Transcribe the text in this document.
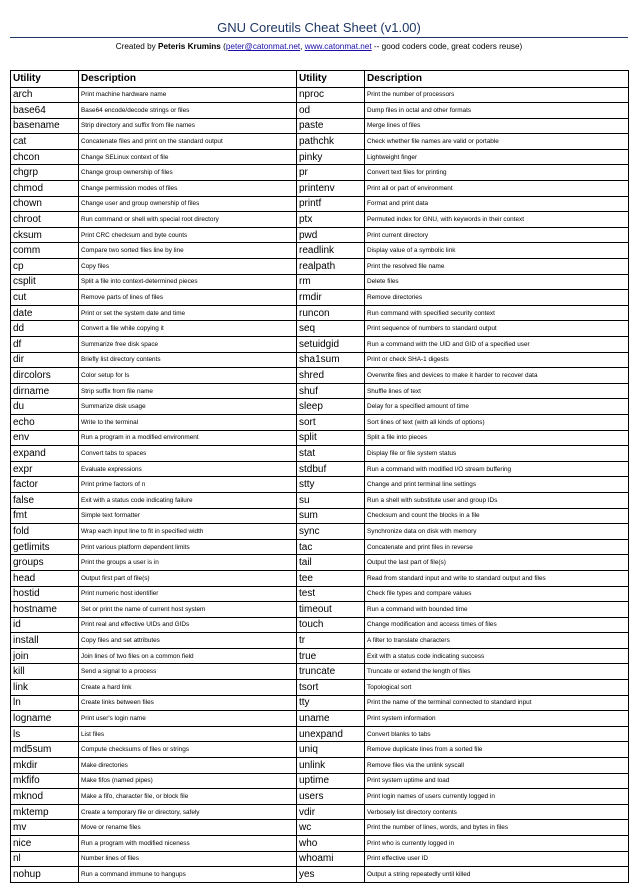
GNU Coreutils Cheat Sheet (v1.00)
Created by Peteris Krumins (peter@catonmat.net, www.catonmat.net -- good coders code, great coders reuse)
Utility	Description	Utility	Description
arch	Print machine hardware name	nproc	Print the number of processors
base64	Base64 encode/decode strings or files	od	Dump files in octal and other formats
basename	Strip directory and suffix from file names	paste	Merge lines of files
cat	Concatenate files and print on the standard output	pathchk	Check whether file names are valid or portable
chcon	Change SELinux context of file	pinky	Lightweight finger
chgrp	Change group ownership of files	pr	Convert text files for printing
chmod	Change permission modes of files	printenv	Print all or part of environment
chown	Change user and group ownership of files	printf	Format and print data
chroot	Run command or shell with special root directory	ptx	Permuted index for GNU, with keywords in their context
cksum	Print CRC checksum and byte counts	pwd	Print current directory
comm	Compare two sorted files line by line	readlink	Display value of a symbolic link
cp	Copy files	realpath	Print the resolved file name
csplit	Split a file into context-determined pieces	rm	Delete files
cut	Remove parts of lines of files	rmdir	Remove directories
date	Print or set the system date and time	runcon	Run command with specified security context
dd	Convert a file while copying it	seq	Print sequence of numbers to standard output
df	Summarize free disk space	setuidgid	Run a command with the UID and GID of a specified user
dir	Briefly list directory contents	sha1sum	Print or check SHA-1 digests
dircolors	Color setup for ls	shred	Overwrite files and devices to make it harder to recover data
dirname	Strip suffix from file name	shuf	Shuffle lines of text
du	Summarize disk usage	sleep	Delay for a specified amount of time
echo	Write to the terminal	sort	Sort lines of text (with all kinds of options)
env	Run a program in a modified environment	split	Split a file into pieces
expand	Convert tabs to spaces	stat	Display file or file system status
expr	Evaluate expressions	stdbuf	Run a command with modified I/O stream buffering
factor	Print prime factors of n	stty	Change and print terminal line settings
false	Exit with a status code indicating failure	su	Run a shell with substitute user and group IDs
fmt	Simple text formatter	sum	Checksum and count the blocks in a file
fold	Wrap each input line to fit in specified width	sync	Synchronize data on disk with memory
getlimits	Print various platform dependent limits	tac	Concatenate and print files in reverse
groups	Print the groups a user is in	tail	Output the last part of file(s)
head	Output first part of file(s)	tee	Read from standard input and write to standard output and files
hostid	Print numeric host identifier	test	Check file types and compare values
hostname	Set or print the name of current host system	timeout	Run a command with bounded time
id	Print real and effective UIDs and GIDs	touch	Change modification and access times of files
install	Copy files and set attributes	tr	A filter to translate characters
join	Join lines of two files on a common field	true	Exit with a status code indicating success
kill	Send a signal to a process	truncate	Truncate or extend the length of files
link	Create a hard link	tsort	Topological sort
ln	Create links between files	tty	Print the name of the terminal connected to standard input
logname	Print user's login name	uname	Print system information
ls	List files	unexpand	Convert blanks to tabs
md5sum	Compute checksums of files or strings	uniq	Remove duplicate lines from a sorted file
mkdir	Make directories	unlink	Remove files via the unlink syscall
mkfifo	Make fifos (named pipes)	uptime	Print system uptime and load
mknod	Make a fifo, character file, or block file	users	Print login names of users currently logged in
mktemp	Create a temporary file or directory, safely	vdir	Verbosely list directory contents
mv	Move or rename files	wc	Print the number of lines, words, and bytes in files
nice	Run a program with modified niceness	who	Print who is currently logged in
nl	Number lines of files	whoami	Print effective user ID
nohup	Run a command immune to hangups	yes	Output a string repeatedly until killed
